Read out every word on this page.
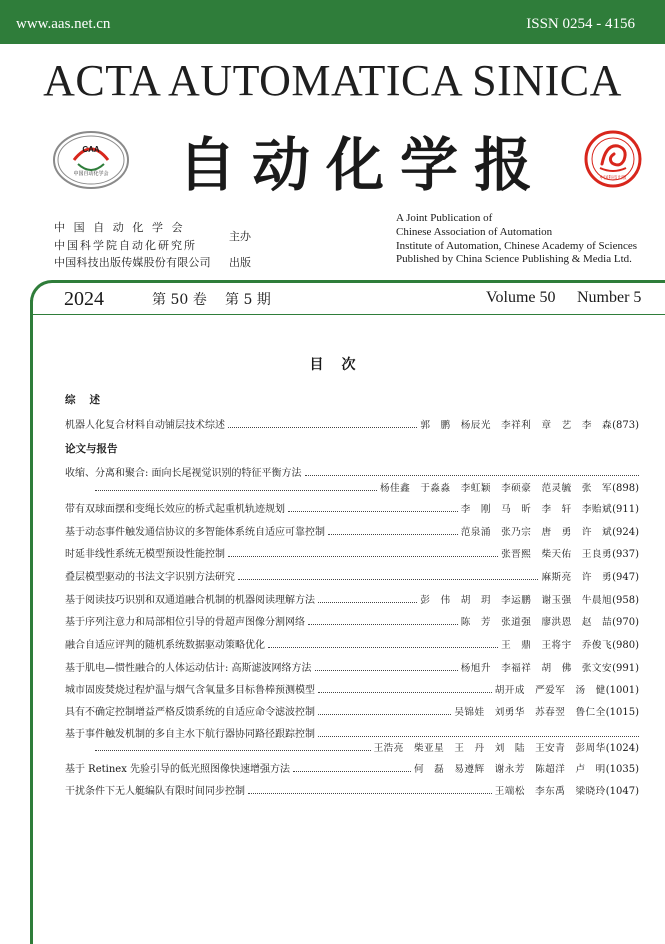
www.aas.net.cn	ISSN 0254 - 4156
ACTA AUTOMATICA SINICA
CAA
中国自动化学会	自动化学报	中国科技出版
中国自动化学会
中国科学院自动化研究所
中国科技出版传媒股份有限公司
主办
出版
A Joint Publication of
Chinese Association of Automation
Institute of Automation, Chinese Academy of Sciences
Published by China Science Publishing & Media Ltd.
2024	第 50 卷 第 5 期	Volume 50 Number 5
目次
综述
机器人化复合材料自动铺层技术综述	郭　鹏　杨辰光　李祥利　章　艺　李　森 (873)
论文与报告
收缩、分离和聚合: 面向长尾视觉识别的特征平衡方法
杨佳鑫　于淼淼　李虹颖　李硕豪　范灵毓　张　军 (898)
带有双球面摆和变绳长效应的桥式起重机轨迹规划	李　刚　马　昕　李　轩　李贻斌 (911)
基于动态事件触发通信协议的多智能体系统自适应可靠控制	范泉涌　张乃宗　唐　勇　许　斌 (924)
时延非线性系统无模型预设性能控制	张晋熙　柴天佑　王良勇 (937)
叠层模型驱动的书法文字识别方法研究	麻斯亮　许　勇 (947)
基于阅读技巧识别和双通道融合机制的机器阅读理解方法	彭　伟　胡　玥　李运鹏　谢玉强　牛晨旭 (958)
基于序列注意力和局部相位引导的骨超声图像分割网络	陈　芳　张道强　廖洪恩　赵　喆 (970)
融合自适应评判的随机系统数据驱动策略优化	王　鼎　王将宇　乔俊飞 (980)
基于肌电—惯性融合的人体运动估计: 高斯滤波网络方法	杨旭升　李福祥　胡　佛　张文安 (991)
城市固废焚烧过程炉温与烟气含氧量多目标鲁棒预测模型	胡开成　严爱军　汤　健 (1001)
具有不确定控制增益严格反馈系统的自适应命令滤波控制	吴锦娃　刘勇华　苏春翌　鲁仁全 (1015)
基于事件触发机制的多自主水下航行器协同路径跟踪控制
王浩亮　柴亚星　王　丹　刘　陆　王安青　彭周华 (1024)
基于 Retinex 先验引导的低光照图像快速增强方法	何　磊　易遵辉　谢永芳　陈超洋　卢　明 (1035)
干扰条件下无人艇编队有限时间同步控制	王端松　李东禹　梁晓玲 (1047)
